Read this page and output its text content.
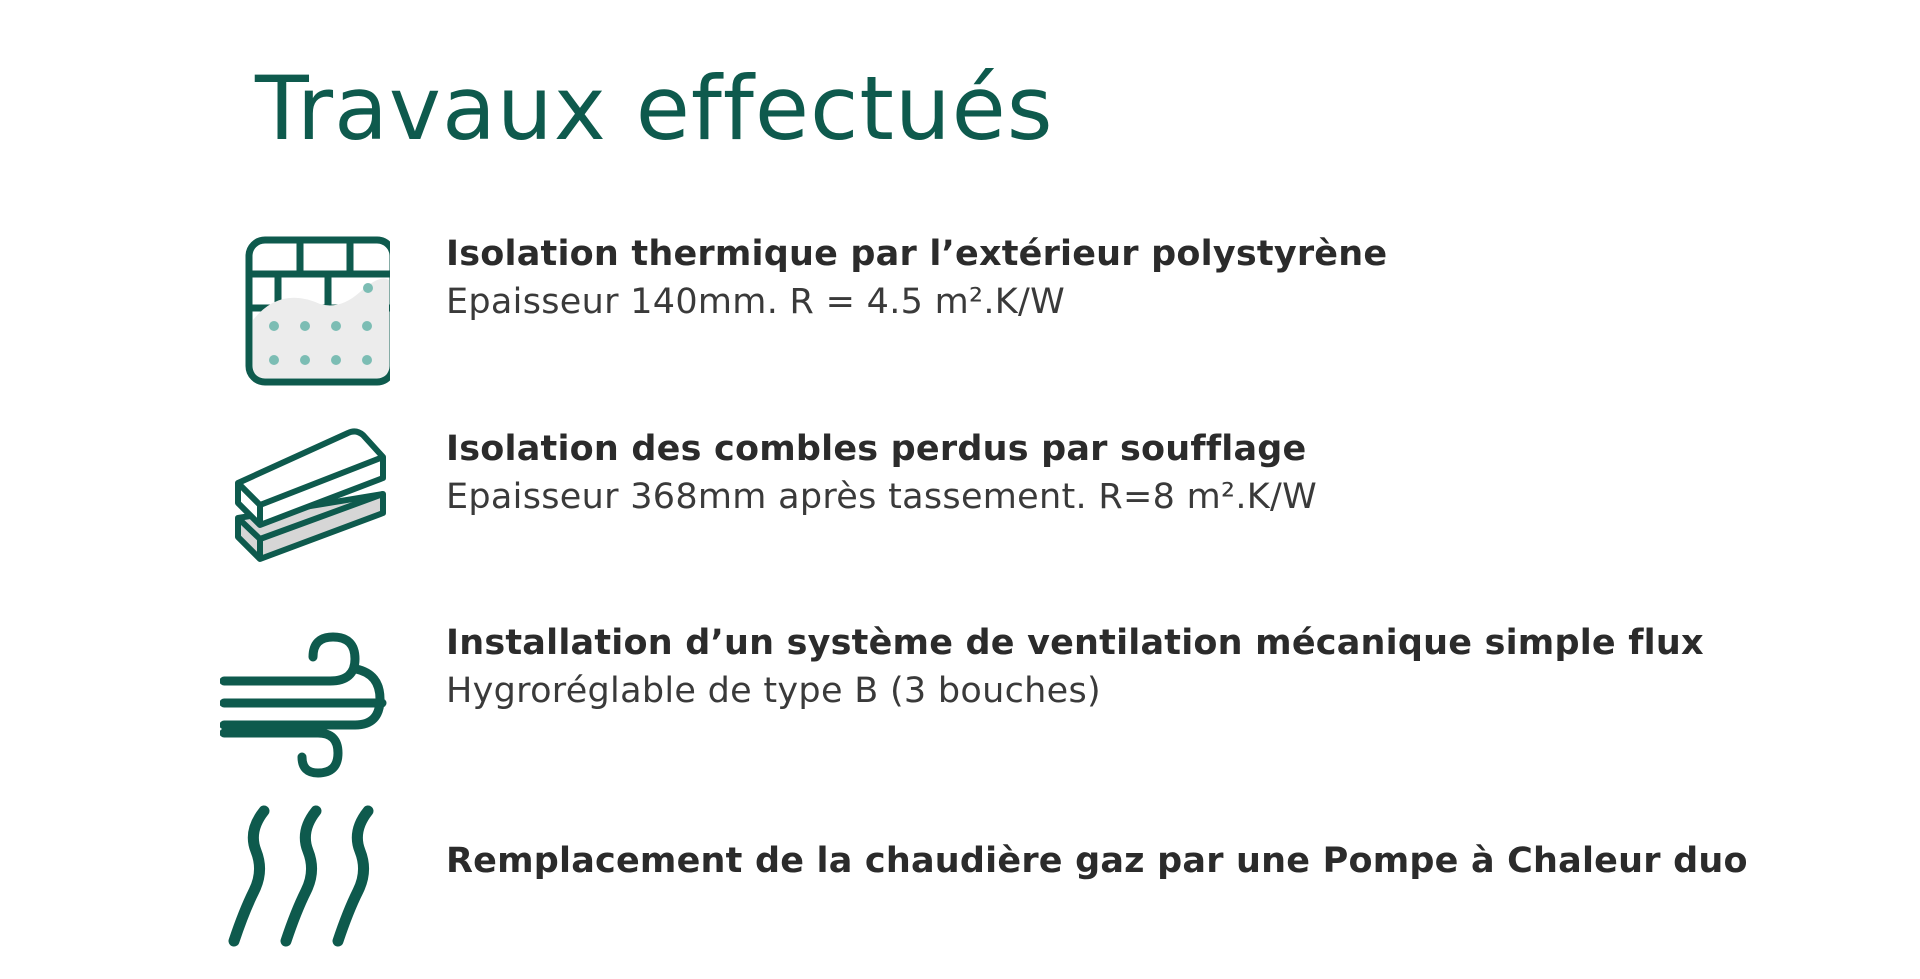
Travaux effectués
Isolation thermique par l’extérieur polystyrène
Epaisseur 140mm. R = 4.5 m².K/W
Isolation des combles perdus par soufflage
Epaisseur 368mm après tassement. R=8 m².K/W
Installation d’un système de ventilation mécanique simple flux
Hygroréglable de type B (3 bouches)
Remplacement de la chaudière gaz par une Pompe à Chaleur duo
